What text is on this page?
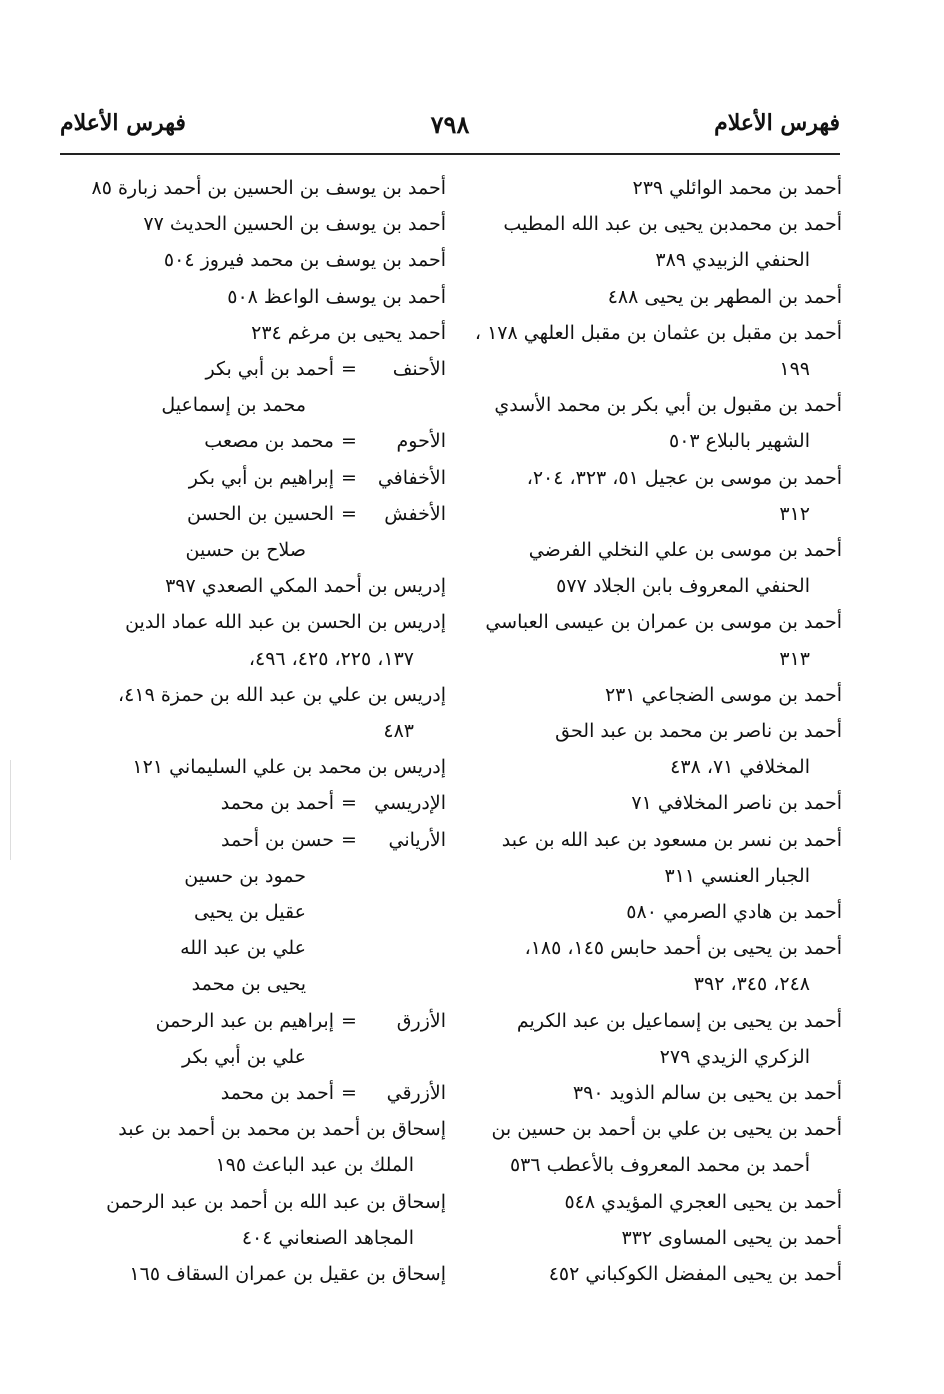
فهرس الأعلام
٧٩٨
فهرس الأعلام
أحمد بن محمد الوائلي ٢٣٩
أحمد بن محمدبن يحيى بن عبد الله المطيب
الحنفي الزبيدي ٣٨٩
أحمد بن المطهر بن يحيى ٤٨٨
أحمد بن مقبل بن عثمان بن مقبل العلهي ١٧٨ ،
١٩٩
أحمد بن مقبول بن أبي بكر بن محمد الأسدي
الشهير بالبلاع ٥٠٣
أحمد بن موسى بن عجيل ٥١، ٣٢٣، ٢٠٤،
٣١٢
أحمد بن موسى بن علي النخلي الفرضي
الحنفي المعروف بابن الجلاد ٥٧٧
أحمد بن موسى بن عمران بن عيسى العباسي
٣١٣
أحمد بن موسى الضجاعي ٢٣١
أحمد بن ناصر بن محمد بن عبد الحق
المخلافي ٧١، ٤٣٨
أحمد بن ناصر المخلافي ٧١
أحمد بن نسر بن مسعود بن عبد الله بن عبد
الجبار العنسي ٣١١
أحمد بن هادي الصرمي ٥٨٠
أحمد بن يحيى بن أحمد حابس ١٤٥، ١٨٥،
٢٤٨، ٣٤٥، ٣٩٢
أحمد بن يحيى بن إسماعيل بن عبد الكريم
الزكري الزيدي ٢٧٩
أحمد بن يحيى بن سالم الذويد ٣٩٠
أحمد بن يحيى بن علي بن أحمد بن حسين بن
أحمد بن محمد المعروف بالأعطب ٥٣٦
أحمد بن يحيى العجري المؤيدي ٥٤٨
أحمد بن يحيى المساوى ٣٣٢
أحمد بن يحيى المفضل الكوكباني ٤٥٢
أحمد بن يوسف بن الحسين بن أحمد زبارة ٨٥
أحمد بن يوسف بن الحسين الحديث ٧٧
أحمد بن يوسف بن محمد فيروز ٥٠٤
أحمد بن يوسف الواعظ ٥٠٨
أحمد يحيى بن مرغم ٢٣٤
الأحنف
=
أحمد بن أبي بكر
محمد بن إسماعيل
الأحوم
=
محمد بن مصعب
الأخفافي
=
إبراهيم بن أبي بكر
الأخفش
=
الحسين بن الحسن
صلاح بن حسين
إدريس بن أحمد المكي الصعدي ٣٩٧
إدريس بن الحسن بن عبد الله عماد الدين
١٣٧، ٢٢٥، ٤٢٥، ٤٩٦،
إدريس بن علي بن عبد الله بن حمزة ٤١٩،
٤٨٣
إدريس بن محمد بن علي السليماني ١٢١
الإدريسي
=
أحمد بن محمد
الأرياني
=
حسن بن أحمد
حمود بن حسين
عقيل بن يحيى
علي بن عبد الله
يحيى بن محمد
الأزرق
=
إبراهيم بن عبد الرحمن
علي بن أبي بكر
الأزرقي
=
أحمد بن محمد
إسحاق بن أحمد بن محمد بن أحمد بن عبد
الملك بن عبد الباعث ١٩٥
إسحاق بن عبد الله بن أحمد بن عبد الرحمن
المجاهد الصنعاني ٤٠٤
إسحاق بن عقيل بن عمران السقاف ١٦٥
